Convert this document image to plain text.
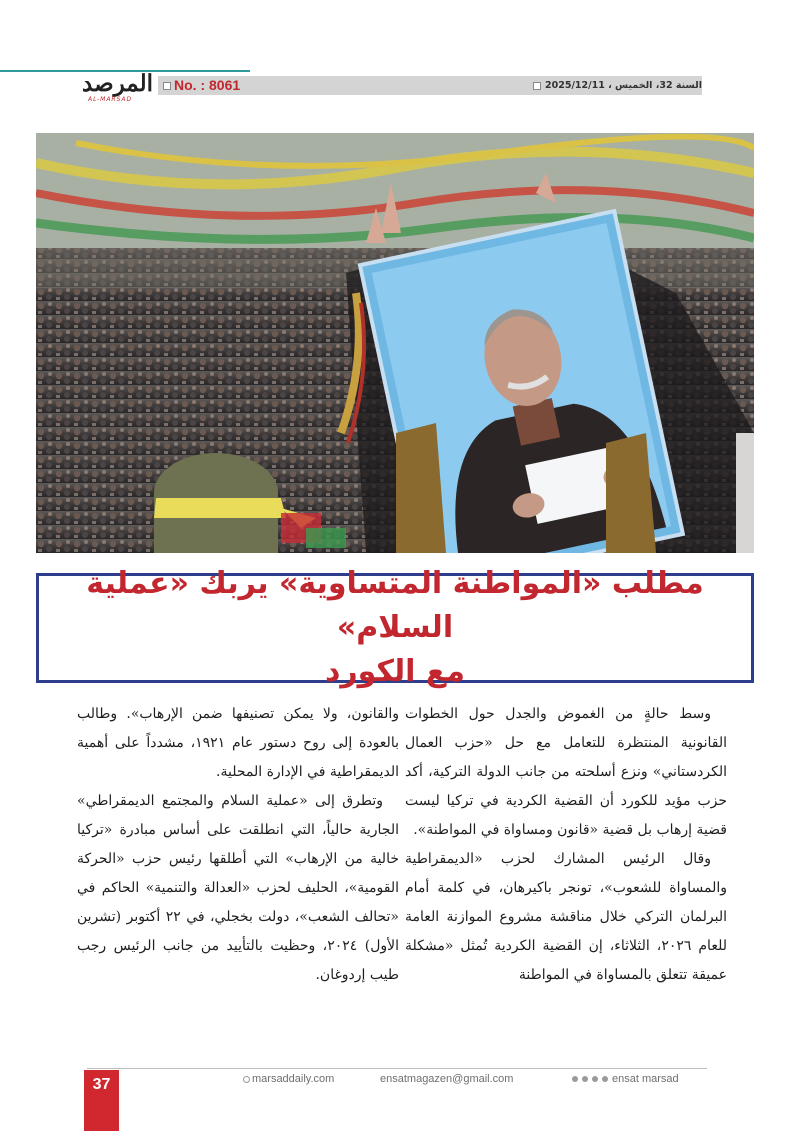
المرصد
AL-MARSAD
No. : 8061	السنة 32، الخميس ، 2025/12/11
مطلب «المواطنة المتساوية» يربك «عملية السلام»
مع الكورد

وسط حالةٍ من الغموض والجدل حول الخطوات القانونية المنتظرة للتعامل مع حل «حزب العمال الكردستاني» ونزع أسلحته من جانب الدولة التركية، أكد حزب مؤيد للكورد أن القضية الكردية في تركيا ليست قضية إرهاب بل قضية «قانون ومساواة في المواطنة».

وقال الرئيس المشارك لحزب «الديمقراطية والمساواة للشعوب»، تونجر باكيرهان، في كلمة أمام البرلمان التركي خلال مناقشة مشروع الموازنة العامة للعام ٢٠٢٦، الثلاثاء، إن القضية الكردية تُمثل «مشكلة عميقة تتعلق بالمساواة في المواطنة

والقانون، ولا يمكن تصنيفها ضمن الإرهاب». وطالب بالعودة إلى روح دستور عام ١٩٢١، مشدداً على أهمية الديمقراطية في الإدارة المحلية.

وتطرق إلى «عملية السلام والمجتمع الديمقراطي» الجارية حالياً، التي انطلقت على أساس مبادرة «تركيا خالية من الإرهاب» التي أطلقها رئيس حزب «الحركة القومية»، الحليف لحزب «العدالة والتنمية» الحاكم في «تحالف الشعب»، دولت بخجلي، في ٢٢ أكتوبر (تشرين الأول) ٢٠٢٤، وحظيت بالتأييد من جانب الرئيس رجب طيب إردوغان.

37	marsaddaily.com	ensatmagazen@gmail.com	ensat marsad
